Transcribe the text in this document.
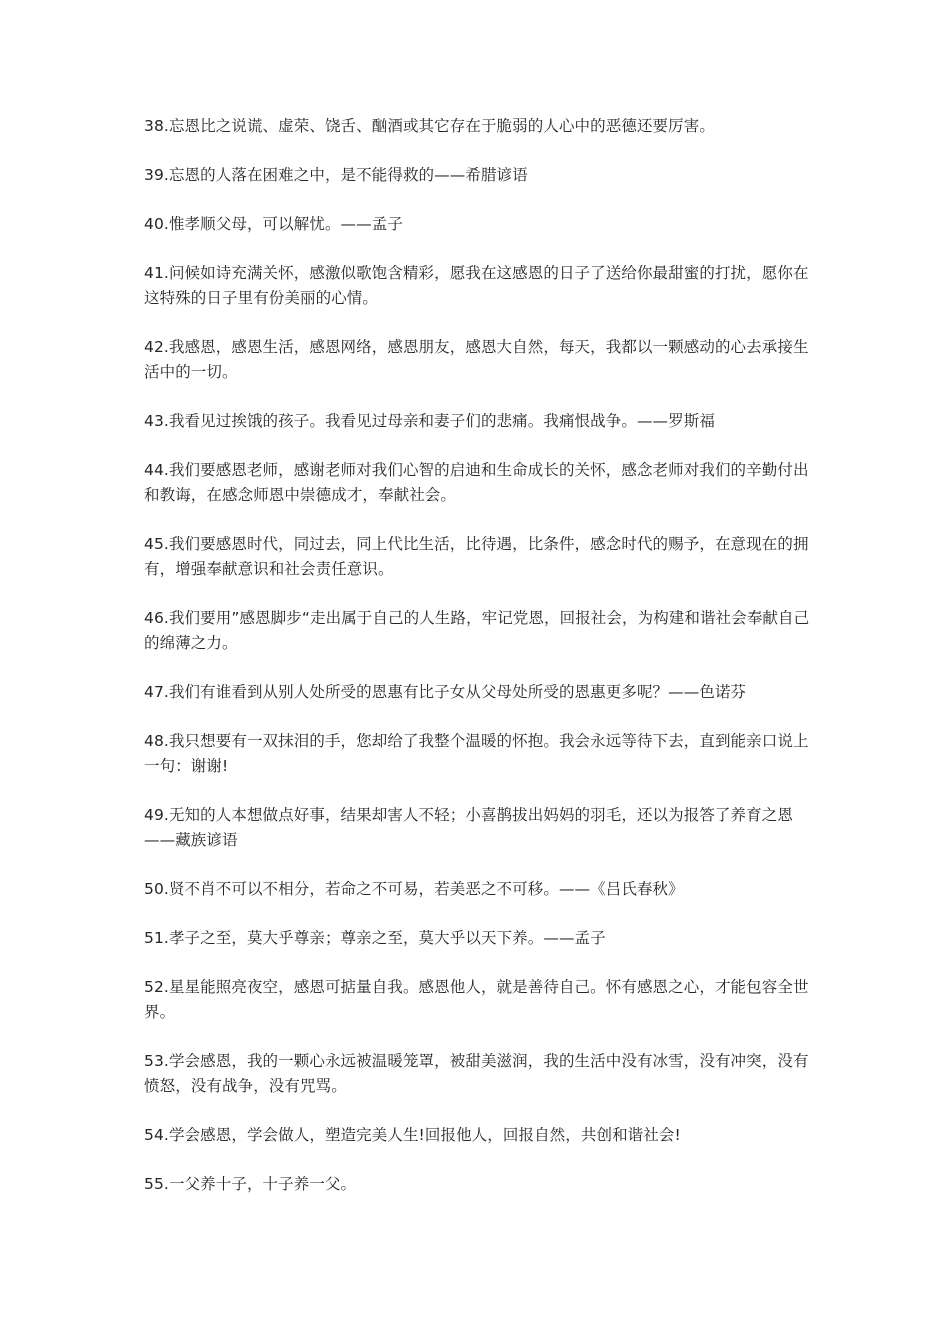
38.忘恩比之说谎、虚荣、饶舌、酗酒或其它存在于脆弱的人心中的恶德还要厉害。

39.忘恩的人落在困难之中，是不能得救的——希腊谚语

40.惟孝顺父母，可以解忧。——孟子

41.问候如诗充满关怀，感激似歌饱含精彩，愿我在这感恩的日子了送给你最甜蜜的打扰，愿你在这特殊的日子里有份美丽的心情。

42.我感恩，感恩生活，感恩网络，感恩朋友，感恩大自然，每天，我都以一颗感动的心去承接生活中的一切。

43.我看见过挨饿的孩子。我看见过母亲和妻子们的悲痛。我痛恨战争。——罗斯福

44.我们要感恩老师，感谢老师对我们心智的启迪和生命成长的关怀，感念老师对我们的辛勤付出和教诲，在感念师恩中崇德成才，奉献社会。

45.我们要感恩时代，同过去，同上代比生活，比待遇，比条件，感念时代的赐予，在意现在的拥有，增强奉献意识和社会责任意识。

46.我们要用”感恩脚步“走出属于自己的人生路，牢记党恩，回报社会，为构建和谐社会奉献自己的绵薄之力。

47.我们有谁看到从别人处所受的恩惠有比子女从父母处所受的恩惠更多呢？——色诺芬

48.我只想要有一双抹泪的手，您却给了我整个温暖的怀抱。我会永远等待下去，直到能亲口说上一句：谢谢!

49.无知的人本想做点好事，结果却害人不轻；小喜鹊拔出妈妈的羽毛，还以为报答了养育之恩——藏族谚语

50.贤不肖不可以不相分，若命之不可易，若美恶之不可移。——《吕氏春秋》

51.孝子之至，莫大乎尊亲；尊亲之至，莫大乎以天下养。——孟子

52.星星能照亮夜空，感恩可掂量自我。感恩他人，就是善待自己。怀有感恩之心，才能包容全世界。

53.学会感恩，我的一颗心永远被温暖笼罩，被甜美滋润，我的生活中没有冰雪，没有冲突，没有愤怒，没有战争，没有咒骂。

54.学会感恩，学会做人，塑造完美人生!回报他人，回报自然，共创和谐社会!

55.一父养十子，十子养一父。
